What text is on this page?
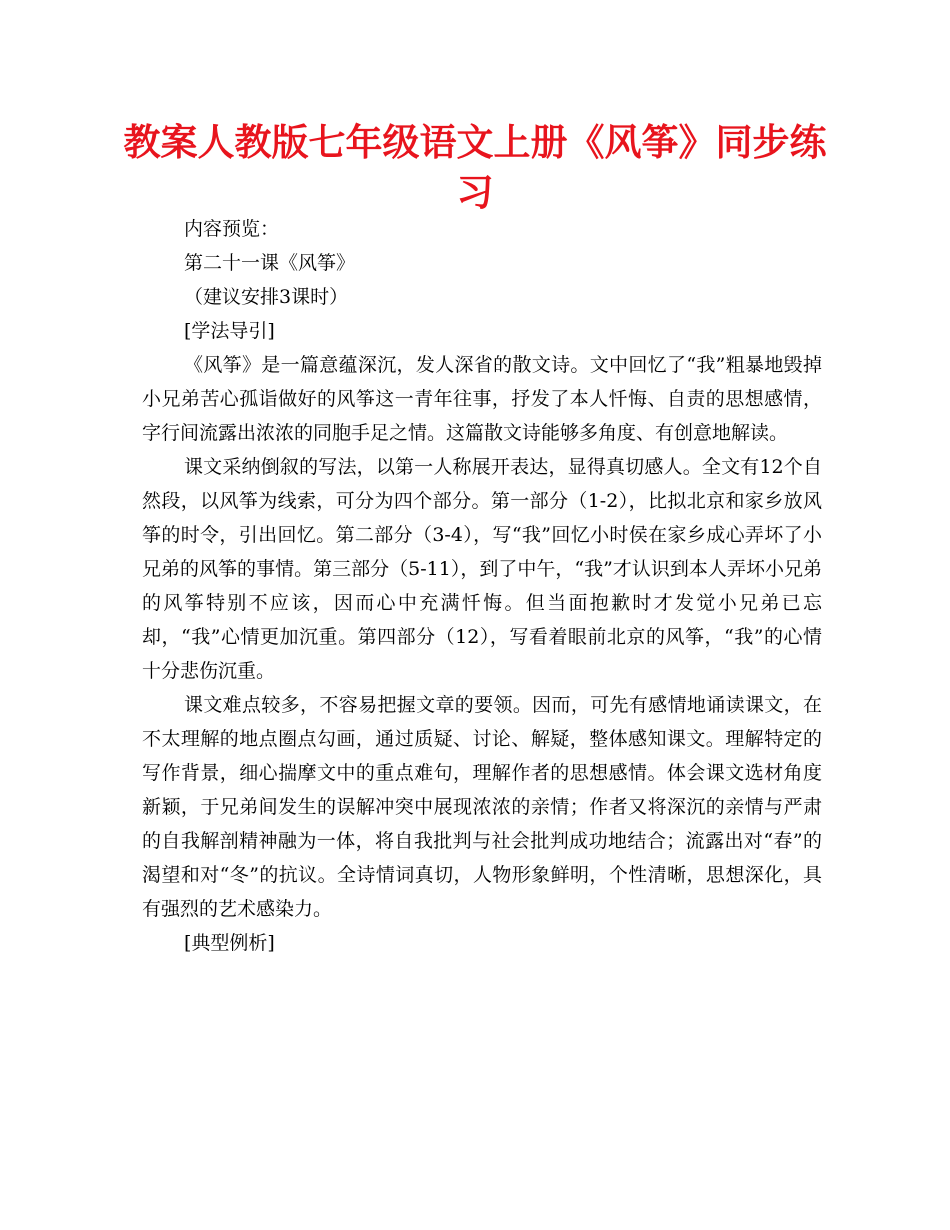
教案人教版七年级语文上册《风筝》同步练习

内容预览：

第二十一课《风筝》

（建议安排3课时）

[学法导引]

《风筝》是一篇意蕴深沉，发人深省的散文诗。文中回忆了“我”粗暴地毁掉小兄弟苦心孤诣做好的风筝这一青年往事，抒发了本人忏悔、自责的思想感情，字行间流露出浓浓的同胞手足之情。这篇散文诗能够多角度、有创意地解读。

课文采纳倒叙的写法，以第一人称展开表达，显得真切感人。全文有12个自然段，以风筝为线索，可分为四个部分。第一部分（1-2），比拟北京和家乡放风筝的时令，引出回忆。第二部分（3-4），写“我”回忆小时侯在家乡成心弄坏了小兄弟的风筝的事情。第三部分（5-11），到了中午，“我”才认识到本人弄坏小兄弟的风筝特别不应该，因而心中充满忏悔。但当面抱歉时才发觉小兄弟已忘却，“我”心情更加沉重。第四部分（12），写看着眼前北京的风筝，“我”的心情十分悲伤沉重。

课文难点较多，不容易把握文章的要领。因而，可先有感情地诵读课文，在不太理解的地点圈点勾画，通过质疑、讨论、解疑，整体感知课文。理解特定的写作背景，细心揣摩文中的重点难句，理解作者的思想感情。体会课文选材角度新颖，于兄弟间发生的误解冲突中展现浓浓的亲情；作者又将深沉的亲情与严肃的自我解剖精神融为一体，将自我批判与社会批判成功地结合；流露出对“春”的渴望和对“冬”的抗议。全诗情词真切，人物形象鲜明，个性清晰，思想深化，具有强烈的艺术感染力。

[典型例析]
